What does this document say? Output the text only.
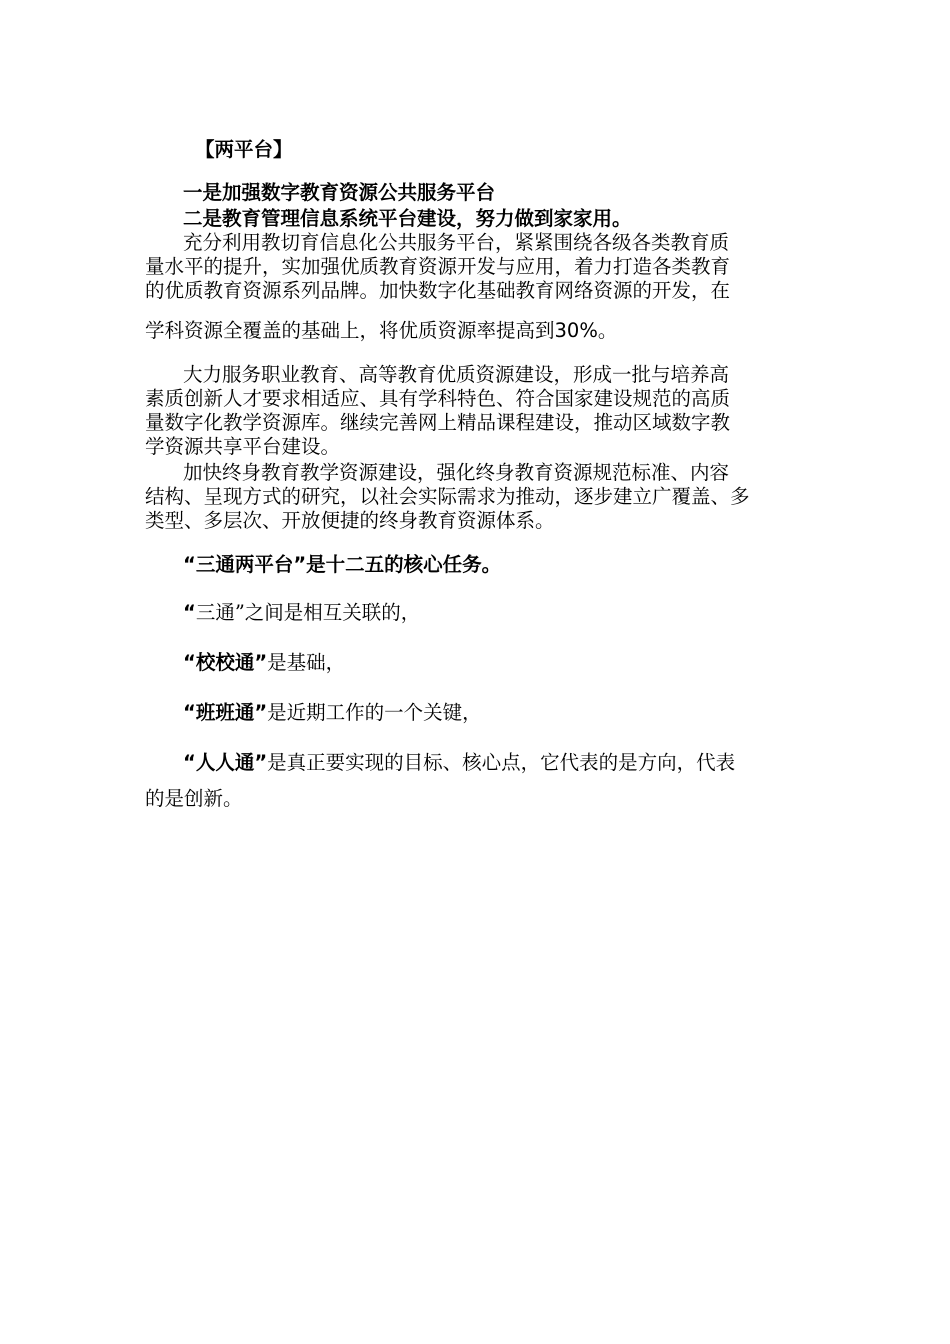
【两平台】

一是加强数字教育资源公共服务平台

二是教育管理信息系统平台建设，努力做到家家用。

充分利用教切育信息化公共服务平台，紧紧围绕各级各类教育质

量水平的提升，实加强优质教育资源开发与应用，着力打造各类教育

的优质教育资源系列品牌。加快数字化基础教育网络资源的开发，在

学科资源全覆盖的基础上，将优质资源率提高到30%。

大力服务职业教育、高等教育优质资源建设，形成一批与培养高

素质创新人才要求相适应、具有学科特色、符合国家建设规范的高质

量数字化教学资源库。继续完善网上精品课程建设，推动区域数字教

学资源共享平台建设。

加快终身教育教学资源建设，强化终身教育资源规范标准、内容

结构、呈现方式的研究，以社会实际需求为推动，逐步建立广覆盖、多

类型、多层次、开放便捷的终身教育资源体系。

“三通两平台”是十二五的核心任务。

“三通”之间是相互关联的，

“校校通”是基础，

“班班通”是近期工作的一个关键，

“人人通”是真正要实现的目标、核心点，它代表的是方向，代表

的是创新。
